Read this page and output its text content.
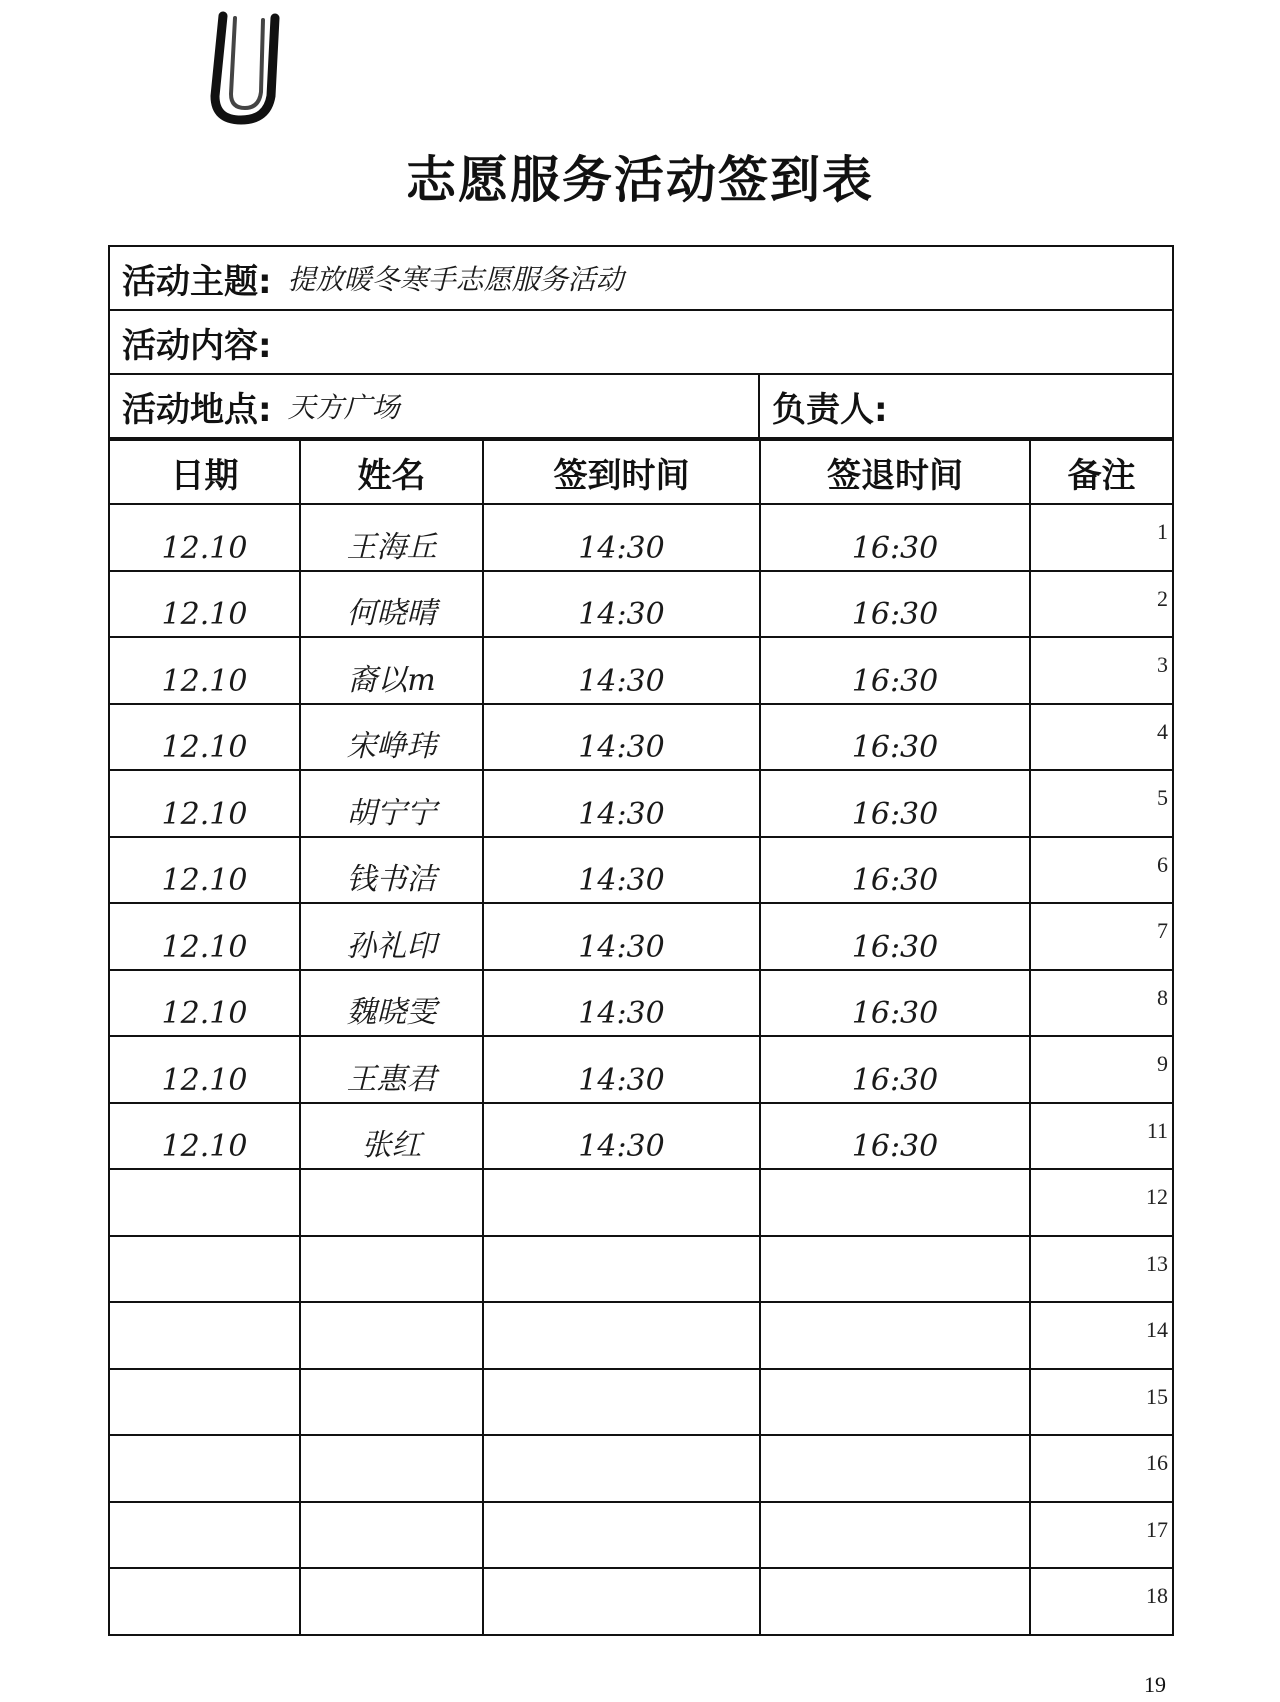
志愿服务活动签到表
活动主题: 提放暖冬寒手志愿服务活动
活动内容:
活动地点: 天方广场	负责人:
日期	姓名	签到时间	签退时间	备注
12.10	王海丘	14:30	16:30	1
12.10	何晓晴	14:30	16:30	2
12.10	裔以m	14:30	16:30	3
12.10	宋峥玮	14:30	16:30	4
12.10	胡宁宁	14:30	16:30	5
12.10	钱书洁	14:30	16:30	6
12.10	孙礼印	14:30	16:30	7
12.10	魏晓雯	14:30	16:30	8
12.10	王惠君	14:30	16:30	9
12.10	张红	14:30	16:30	11
				12
				13
				14
				15
				16
				17
				18
19
